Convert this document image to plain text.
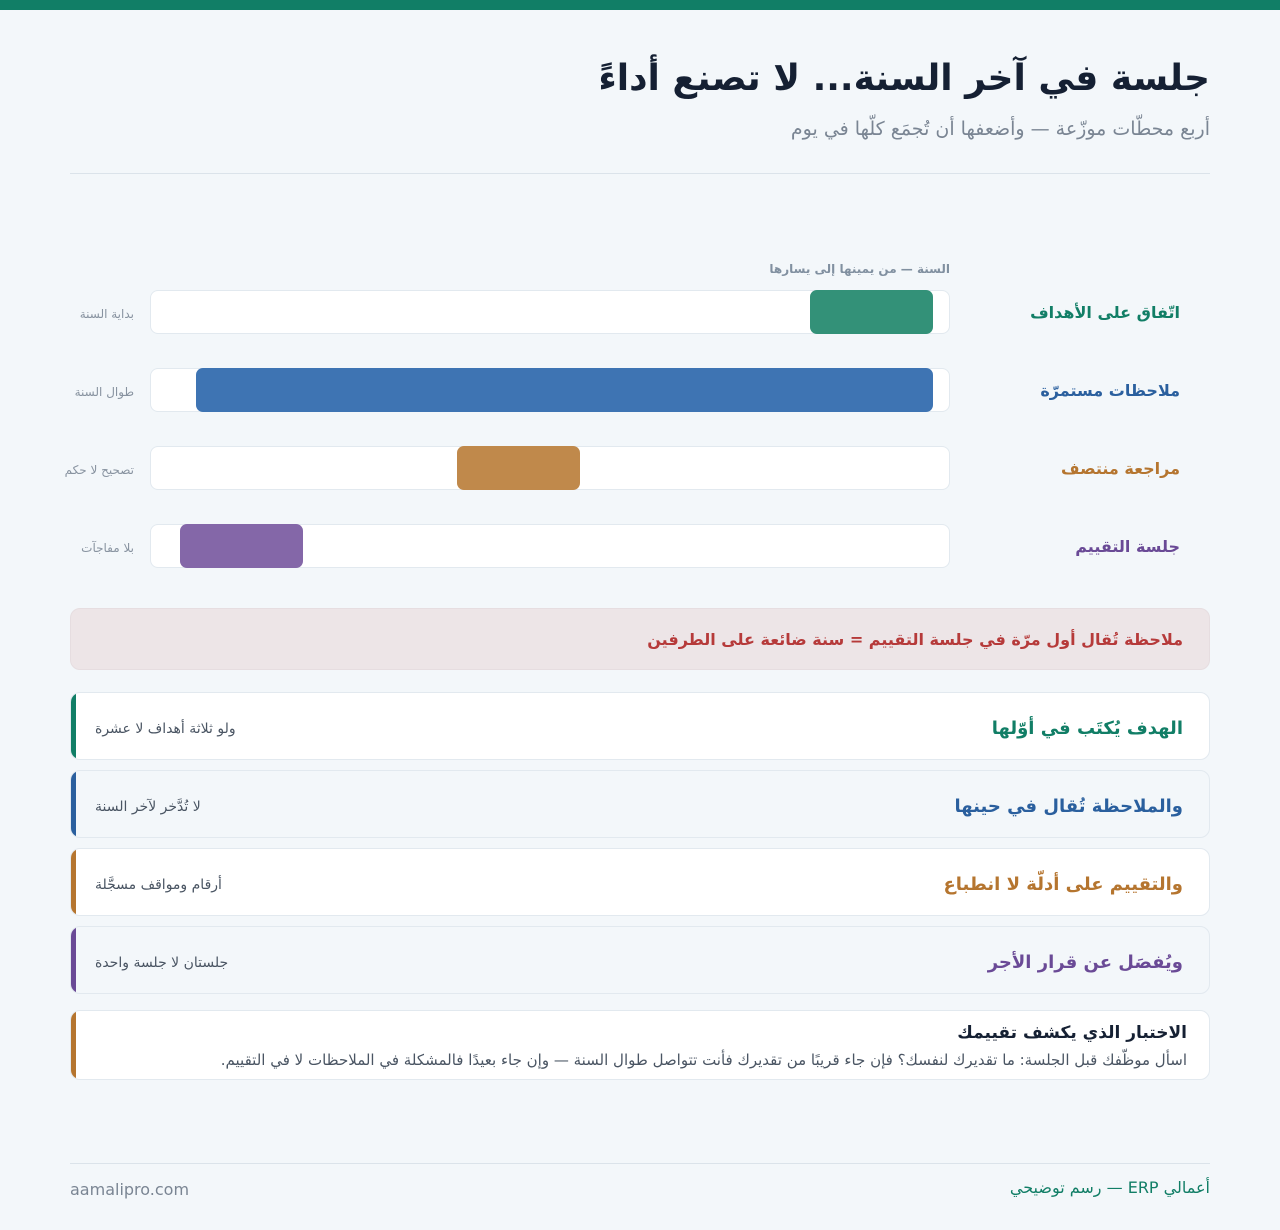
جلسة في آخر السنة... لا تصنع أداءً
أربع محطّات موزّعة — وأضعفها أن تُجمَع كلّها في يوم
السنة — من يمينها إلى يسارها
اتّفاق على الأهداف
بداية السنة
ملاحظات مستمرّة
طوال السنة
مراجعة منتصف
تصحيح لا حكم
جلسة التقييم
بلا مفاجآت
ملاحظة تُقال أول مرّة في جلسة التقييم = سنة ضائعة على الطرفين
الهدف يُكتَب في أوّلها
ولو ثلاثة أهداف لا عشرة
والملاحظة تُقال في حينها
لا تُدَّخر لآخر السنة
والتقييم على أدلّة لا انطباع
أرقام ومواقف مسجَّلة
ويُفصَل عن قرار الأجر
جلستان لا جلسة واحدة
الاختبار الذي يكشف تقييمك
اسأل موظّفك قبل الجلسة: ما تقديرك لنفسك؟ فإن جاء قريبًا من تقديرك فأنت تتواصل طوال السنة — وإن جاء بعيدًا فالمشكلة في الملاحظات لا في التقييم.
أعمالي ERP — رسم توضيحي
aamalipro.com
